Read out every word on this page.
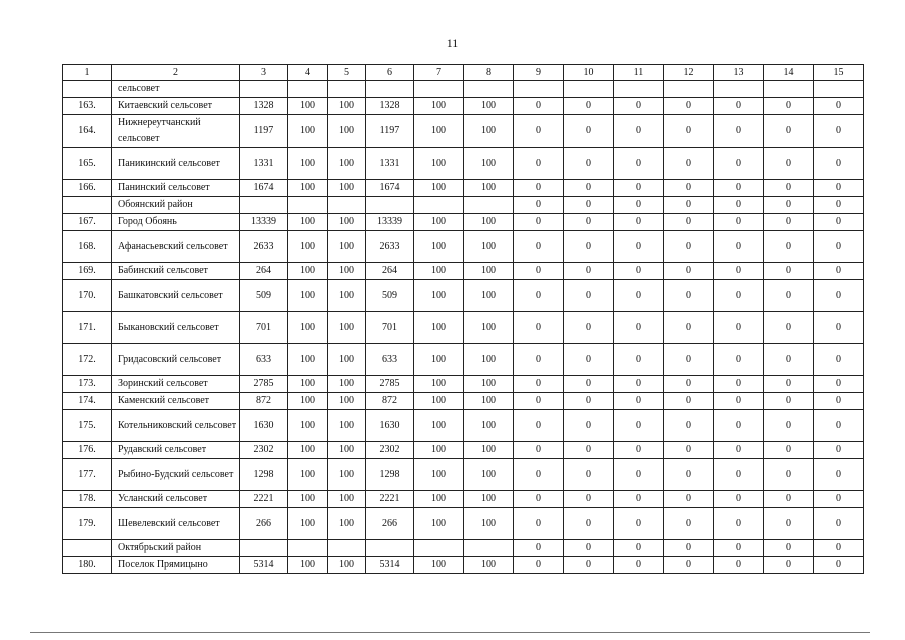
11
1	2	3	4	5	6	7	8	9	10	11	12	13	14	15
	сельсовет													
163.	Китаевский сельсовет	1328	100	100	1328	100	100	0	0	0	0	0	0	0
164.	Нижнереутчанский сельсовет	1197	100	100	1197	100	100	0	0	0	0	0	0	0
165.	Паникинский сельсовет	1331	100	100	1331	100	100	0	0	0	0	0	0	0
166.	Панинский сельсовет	1674	100	100	1674	100	100	0	0	0	0	0	0	0
	Обоянский район							0	0	0	0	0	0	0
167.	Город Обоянь	13339	100	100	13339	100	100	0	0	0	0	0	0	0
168.	Афанасьевский сельсовет	2633	100	100	2633	100	100	0	0	0	0	0	0	0
169.	Бабинский сельсовет	264	100	100	264	100	100	0	0	0	0	0	0	0
170.	Башкатовский сельсовет	509	100	100	509	100	100	0	0	0	0	0	0	0
171.	Быкановский сельсовет	701	100	100	701	100	100	0	0	0	0	0	0	0
172.	Гридасовский сельсовет	633	100	100	633	100	100	0	0	0	0	0	0	0
173.	Зоринский сельсовет	2785	100	100	2785	100	100	0	0	0	0	0	0	0
174.	Каменский сельсовет	872	100	100	872	100	100	0	0	0	0	0	0	0
175.	Котельниковский сельсовет	1630	100	100	1630	100	100	0	0	0	0	0	0	0
176.	Рудавский сельсовет	2302	100	100	2302	100	100	0	0	0	0	0	0	0
177.	Рыбино-Будский сельсовет	1298	100	100	1298	100	100	0	0	0	0	0	0	0
178.	Усланский сельсовет	2221	100	100	2221	100	100	0	0	0	0	0	0	0
179.	Шевелевский сельсовет	266	100	100	266	100	100	0	0	0	0	0	0	0
	Октябрьский район							0	0	0	0	0	0	0
180.	Поселок Прямицыно	5314	100	100	5314	100	100	0	0	0	0	0	0	0
